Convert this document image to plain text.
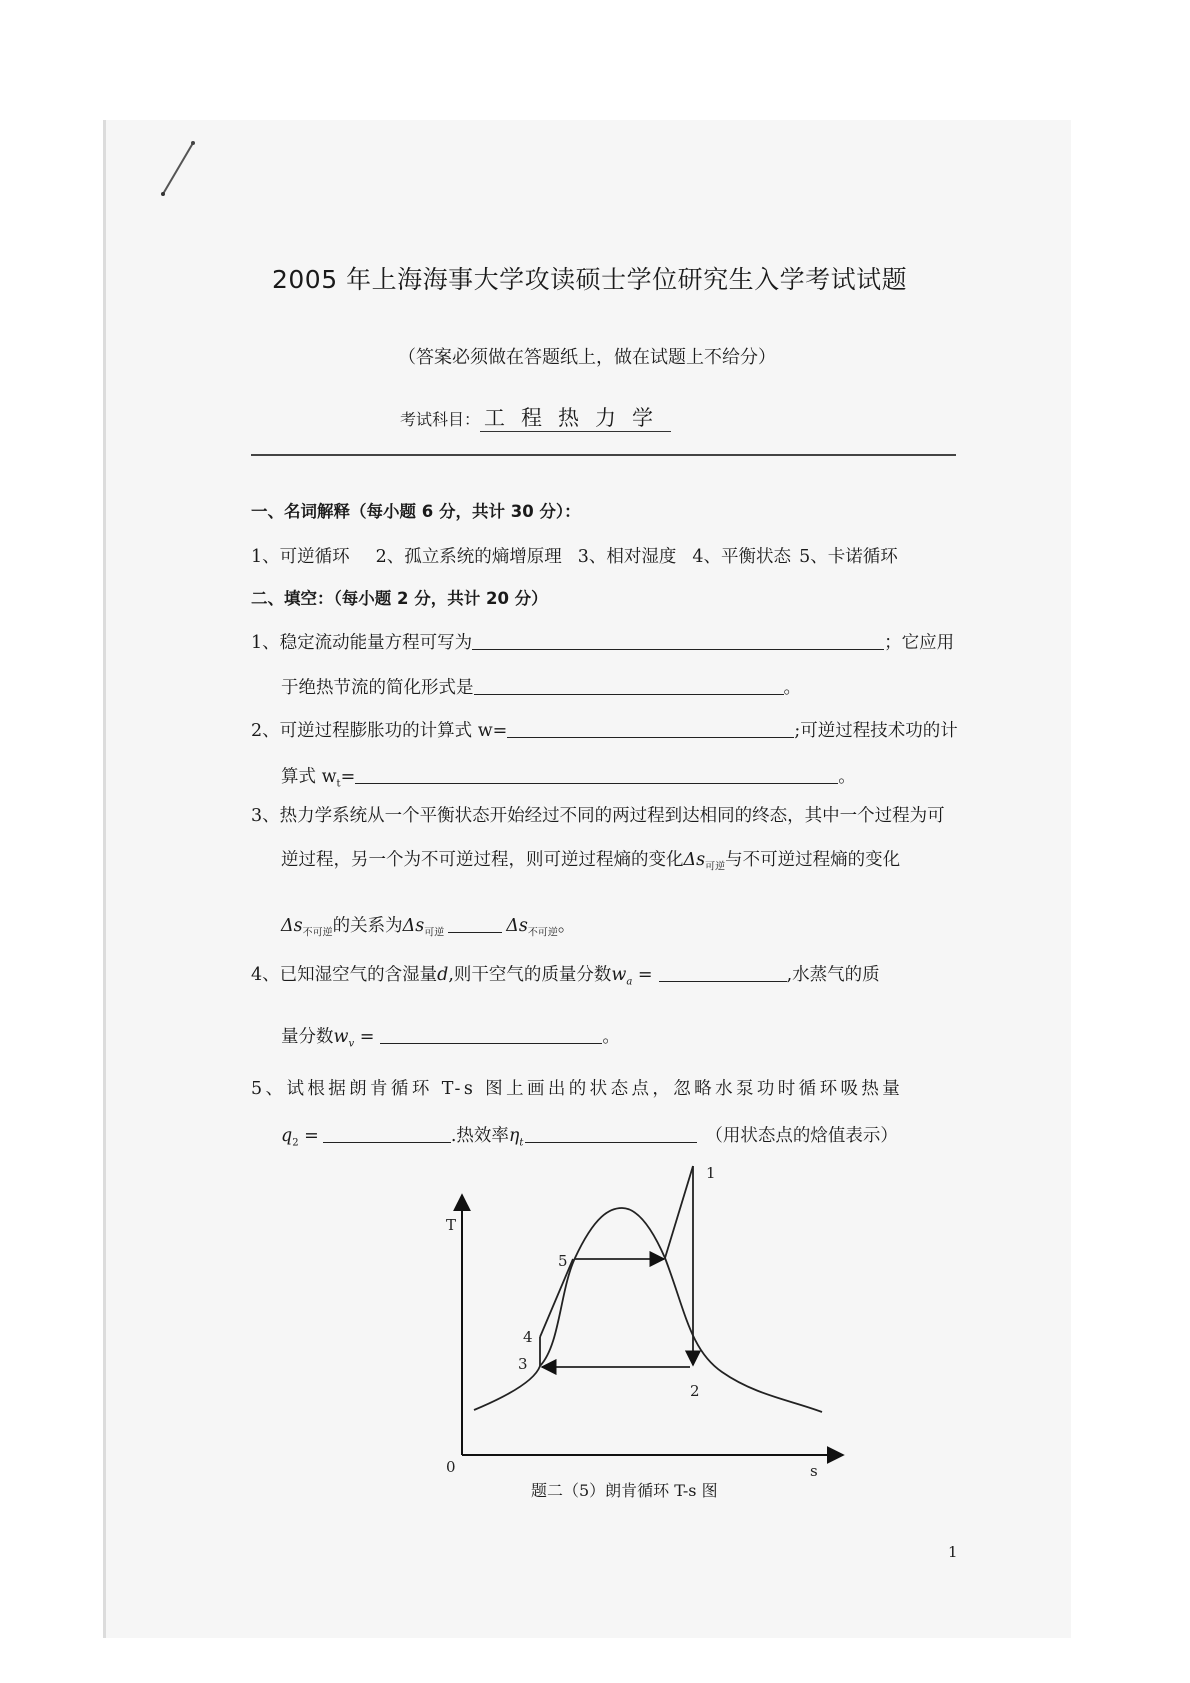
2005 年上海海事大学攻读硕士学位研究生入学考试试题
（答案必须做在答题纸上，做在试题上不给分）
考试科目： 工程热力学
一、名词解释（每小题 6 分，共计 30 分）：
1、可逆循环 2、孤立系统的熵增原理 3、相对湿度 4、平衡状态 5、卡诺循环
二、填空：（每小题 2 分，共计 20 分）
1、稳定流动能量方程可写为	；它应用
于绝热节流的简化形式是	。
2、可逆过程膨胀功的计算式 w=	;可逆过程技术功的计
算式 $w_t=$	。
3、热力学系统从一个平衡状态开始经过不同的两过程到达相同的终态，其中一个过程为可
逆过程，另一个为不可逆过程，则可逆过程熵的变化$\Delta s_{可逆}$与不可逆过程熵的变化
$\Delta s_{不可逆}$的关系为$\Delta s_{可逆}$	$\Delta s_{不可逆}$。
4、已知湿空气的含湿量d,则干空气的质量分数$w_a$ =	,水蒸气的质
量分数$w_v$ =	。
5、试根据朗肯循环 T-s 图上画出的状态点，忽略水泵功时循环吸热量
$q_2$ =	.热效率$\eta_t$	（用状态点的焓值表示）
T
0	s
1
2
3
4
5
题二（5）朗肯循环 T-s 图
1
